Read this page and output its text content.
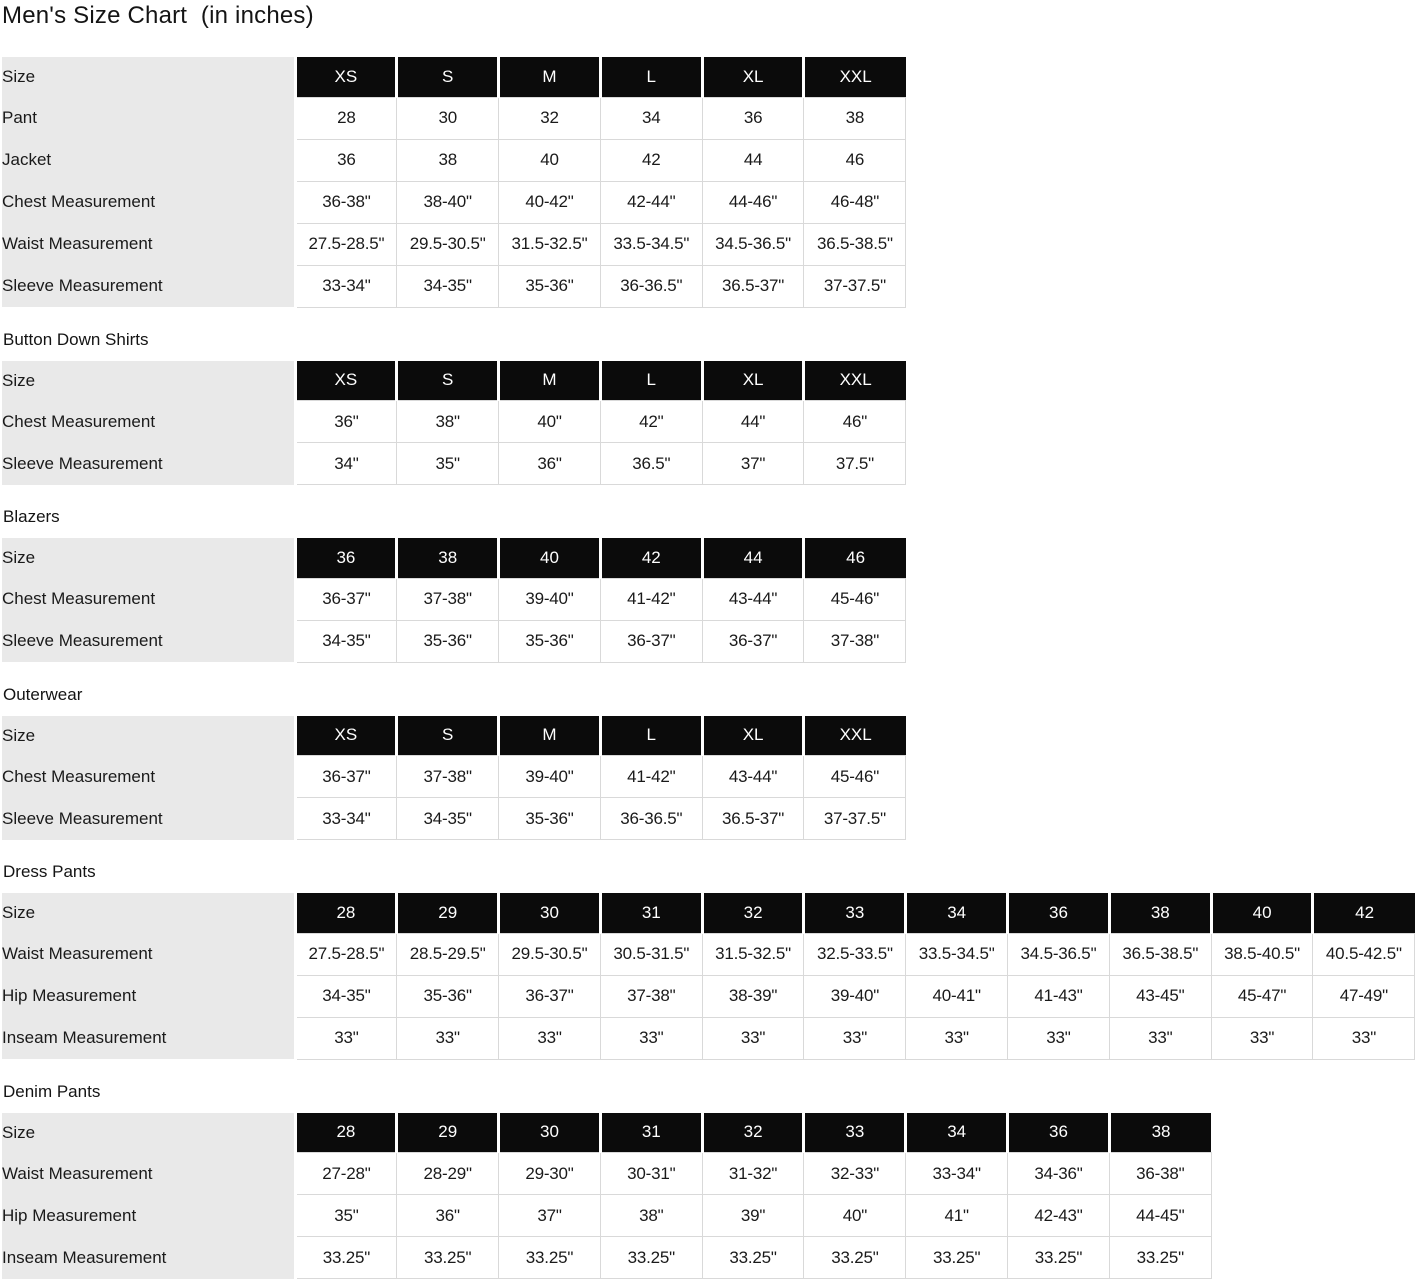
Men's Size Chart  (in inches)
Size	XS	S	M	L	XL	XXL
Pant	28	30	32	34	36	38
Jacket	36	38	40	42	44	46
Chest Measurement	36-38"	38-40"	40-42"	42-44"	44-46"	46-48"
Waist Measurement	27.5-28.5"	29.5-30.5"	31.5-32.5"	33.5-34.5"	34.5-36.5"	36.5-38.5"
Sleeve Measurement	33-34"	34-35"	35-36"	36-36.5"	36.5-37"	37-37.5"
Button Down Shirts
Size	XS	S	M	L	XL	XXL
Chest Measurement	36"	38"	40"	42"	44"	46"
Sleeve Measurement	34"	35"	36"	36.5"	37"	37.5"
Blazers
Size	36	38	40	42	44	46
Chest Measurement	36-37"	37-38"	39-40"	41-42"	43-44"	45-46"
Sleeve Measurement	34-35"	35-36"	35-36"	36-37"	36-37"	37-38"
Outerwear
Size	XS	S	M	L	XL	XXL
Chest Measurement	36-37"	37-38"	39-40"	41-42"	43-44"	45-46"
Sleeve Measurement	33-34"	34-35"	35-36"	36-36.5"	36.5-37"	37-37.5"
Dress Pants
Size	28	29	30	31	32	33	34	36	38	40	42
Waist Measurement	27.5-28.5"	28.5-29.5"	29.5-30.5"	30.5-31.5"	31.5-32.5"	32.5-33.5"	33.5-34.5"	34.5-36.5"	36.5-38.5"	38.5-40.5"	40.5-42.5"
Hip Measurement	34-35"	35-36"	36-37"	37-38"	38-39"	39-40"	40-41"	41-43"	43-45"	45-47"	47-49"
Inseam Measurement	33"	33"	33"	33"	33"	33"	33"	33"	33"	33"	33"
Denim Pants
Size	28	29	30	31	32	33	34	36	38
Waist Measurement	27-28"	28-29"	29-30"	30-31"	31-32"	32-33"	33-34"	34-36"	36-38"
Hip Measurement	35"	36"	37"	38"	39"	40"	41"	42-43"	44-45"
Inseam Measurement	33.25"	33.25"	33.25"	33.25"	33.25"	33.25"	33.25"	33.25"	33.25"
